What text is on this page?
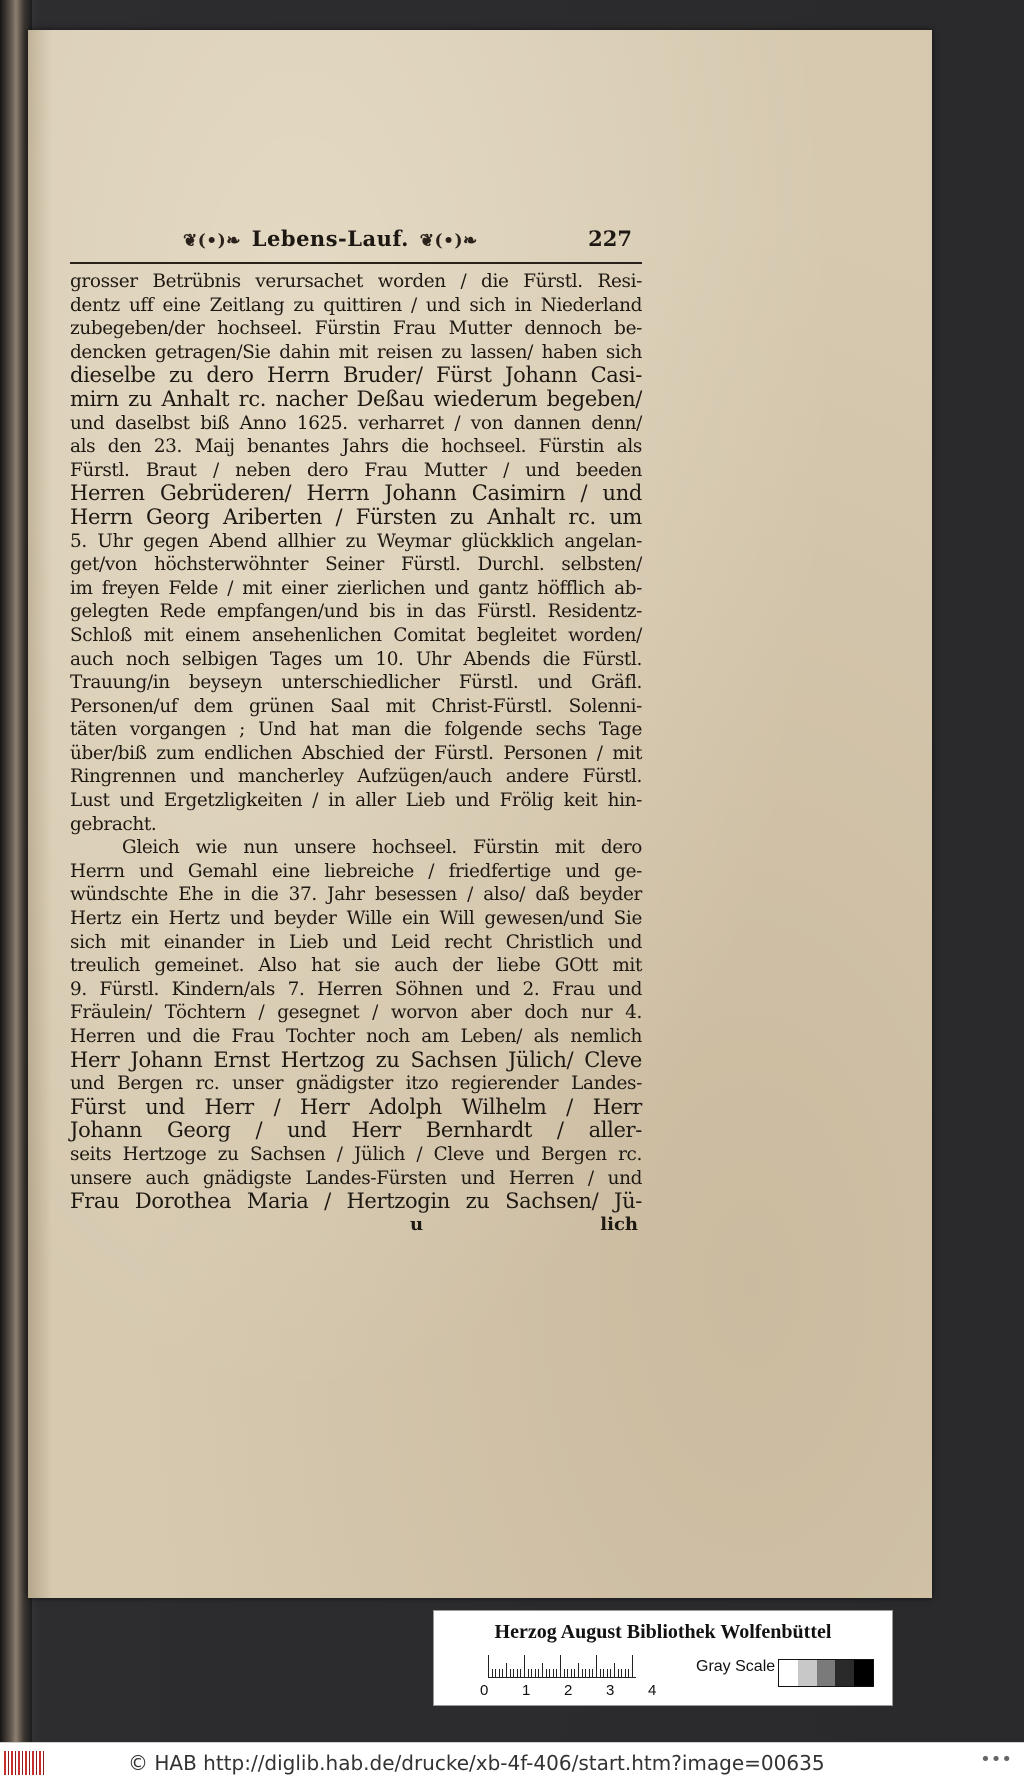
❦(•)❧ Lebens-Lauf. ❦(•)❧	227
grosser Betrübnis verursachet worden / die Fürstl. Resi-
dentz uff eine Zeitlang zu quittiren / und sich in Niederland
zubegeben/der hochseel. Fürstin Frau Mutter dennoch be-
dencken getragen/Sie dahin mit reisen zu lassen/ haben sich
dieselbe zu dero Herrn Bruder/ Fürst Johann Casi-
mirn zu Anhalt rc. nacher Deßau wiederum begeben/
und daselbst biß Anno 1625. verharret / von dannen denn/
als den 23. Maij benantes Jahrs die hochseel. Fürstin als
Fürstl. Braut / neben dero Frau Mutter / und beeden
Herren Gebrüderen/ Herrn Johann Casimirn / und
Herrn Georg Ariberten / Fürsten zu Anhalt rc. um
5. Uhr gegen Abend allhier zu Weymar glückklich angelan-
get/von höchsterwöhnter Seiner Fürstl. Durchl. selbsten/
im freyen Felde / mit einer zierlichen und gantz höfflich ab-
gelegten Rede empfangen/und bis in das Fürstl. Residentz-
Schloß mit einem ansehenlichen Comitat begleitet worden/
auch noch selbigen Tages um 10. Uhr Abends die Fürstl.
Trauung/in beyseyn unterschiedlicher Fürstl. und Gräfl.
Personen/uf dem grünen Saal mit Christ-Fürstl. Solenni-
täten vorgangen ; Und hat man die folgende sechs Tage
über/biß zum endlichen Abschied der Fürstl. Personen / mit
Ringrennen und mancherley Aufzügen/auch andere Fürstl.
Lust und Ergetzligkeiten / in aller Lieb und Frölig keit hin-
gebracht.
Gleich wie nun unsere hochseel. Fürstin mit dero
Herrn und Gemahl eine liebreiche / friedfertige und ge-
wündschte Ehe in die 37. Jahr besessen / also/ daß beyder
Hertz ein Hertz und beyder Wille ein Will gewesen/und Sie
sich mit einander in Lieb und Leid recht Christlich und
treulich gemeinet. Also hat sie auch der liebe GOtt mit
9. Fürstl. Kindern/als 7. Herren Söhnen und 2. Frau und
Fräulein/ Töchtern / gesegnet / worvon aber doch nur 4.
Herren und die Frau Tochter noch am Leben/ als nemlich
Herr Johann Ernst Hertzog zu Sachsen Jülich/ Cleve
und Bergen rc. unser gnädigster itzo regierender Landes-
Fürst und Herr / Herr Adolph Wilhelm / Herr
Johann Georg / und Herr Bernhardt / aller-
seits Hertzoge zu Sachsen / Jülich / Cleve und Bergen rc.
unsere auch gnädigste Landes-Fürsten und Herren / und
Frau Dorothea Maria / Hertzogin zu Sachsen/ Jü-
u	lich
Herzog August Bibliothek Wolfenbüttel
0 1 2 3 4
Gray Scale
© HAB http://diglib.hab.de/drucke/xb-4f-406/start.htm?image=00635	•••
